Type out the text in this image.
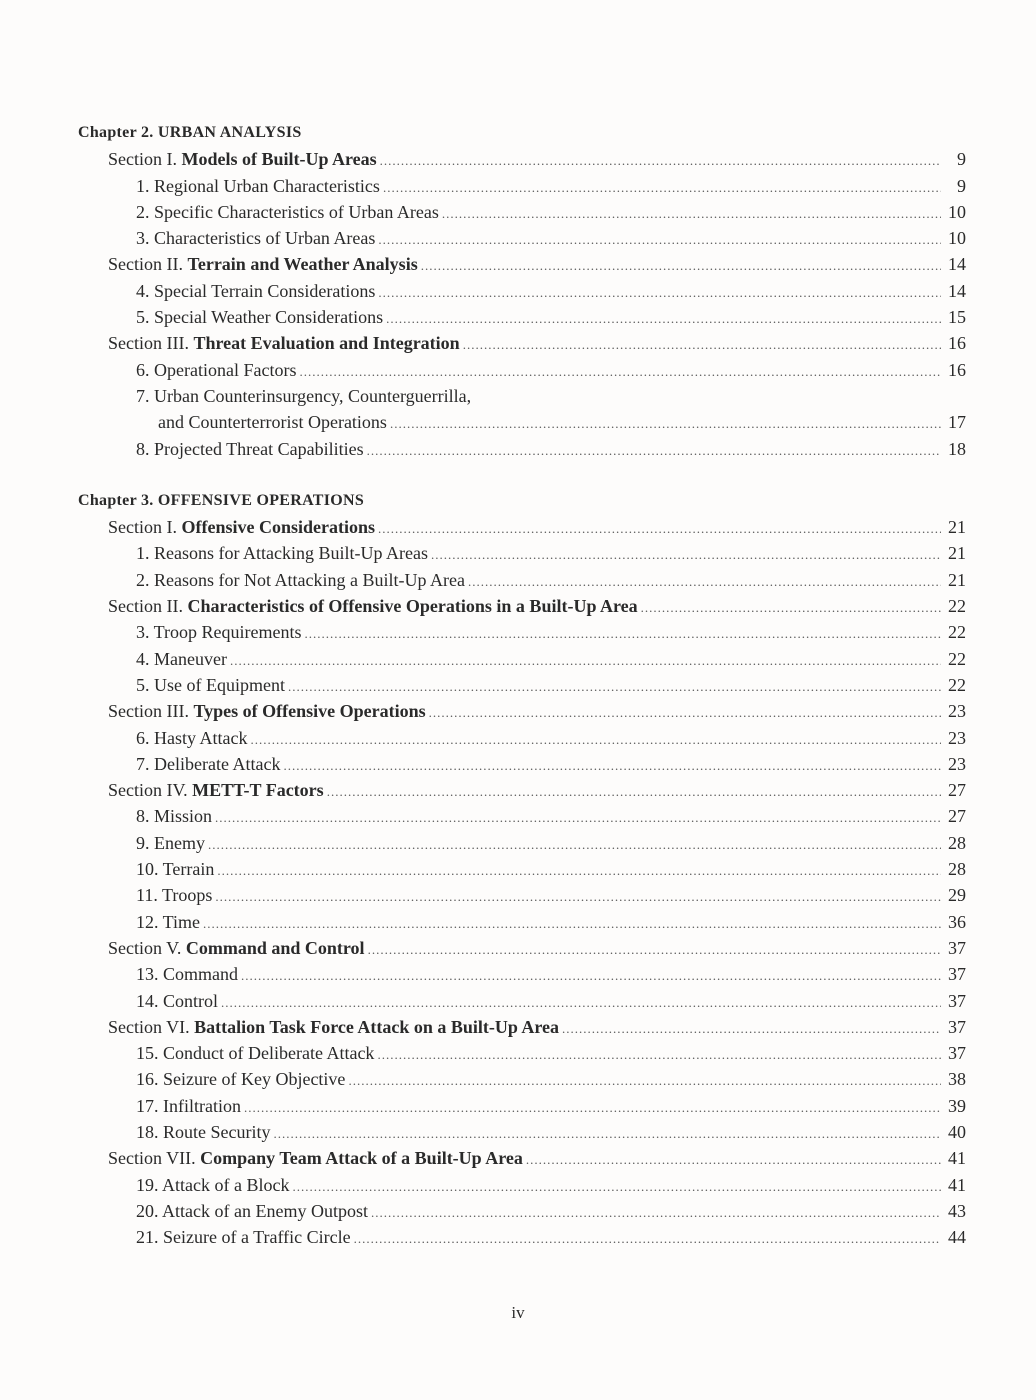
Chapter 2. URBAN ANALYSIS
Section I. Models of Built-Up Areas .....	9
1. Regional Urban Characteristics .....	9
2. Specific Characteristics of Urban Areas .....	10
3. Characteristics of Urban Areas .....	10
Section II. Terrain and Weather Analysis .....	14
4. Special Terrain Considerations .....	14
5. Special Weather Considerations .....	15
Section III. Threat Evaluation and Integration .....	16
6. Operational Factors .....	16
7. Urban Counterinsurgency, Counterguerrilla,
and Counterterrorist Operations .....	17
8. Projected Threat Capabilities .....	18
Chapter 3. OFFENSIVE OPERATIONS
Section I. Offensive Considerations .....	21
1. Reasons for Attacking Built-Up Areas .....	21
2. Reasons for Not Attacking a Built-Up Area .....	21
Section II. Characteristics of Offensive Operations in a Built-Up Area .....	22
3. Troop Requirements .....	22
4. Maneuver .....	22
5. Use of Equipment .....	22
Section III. Types of Offensive Operations .....	23
6. Hasty Attack .....	23
7. Deliberate Attack .....	23
Section IV. METT-T Factors .....	27
8. Mission .....	27
9. Enemy .....	28
10. Terrain .....	28
11. Troops .....	29
12. Time .....	36
Section V. Command and Control .....	37
13. Command .....	37
14. Control .....	37
Section VI. Battalion Task Force Attack on a Built-Up Area .....	37
15. Conduct of Deliberate Attack .....	37
16. Seizure of Key Objective .....	38
17. Infiltration .....	39
18. Route Security .....	40
Section VII. Company Team Attack of a Built-Up Area .....	41
19. Attack of a Block .....	41
20. Attack of an Enemy Outpost .....	43
21. Seizure of a Traffic Circle .....	44
iv
